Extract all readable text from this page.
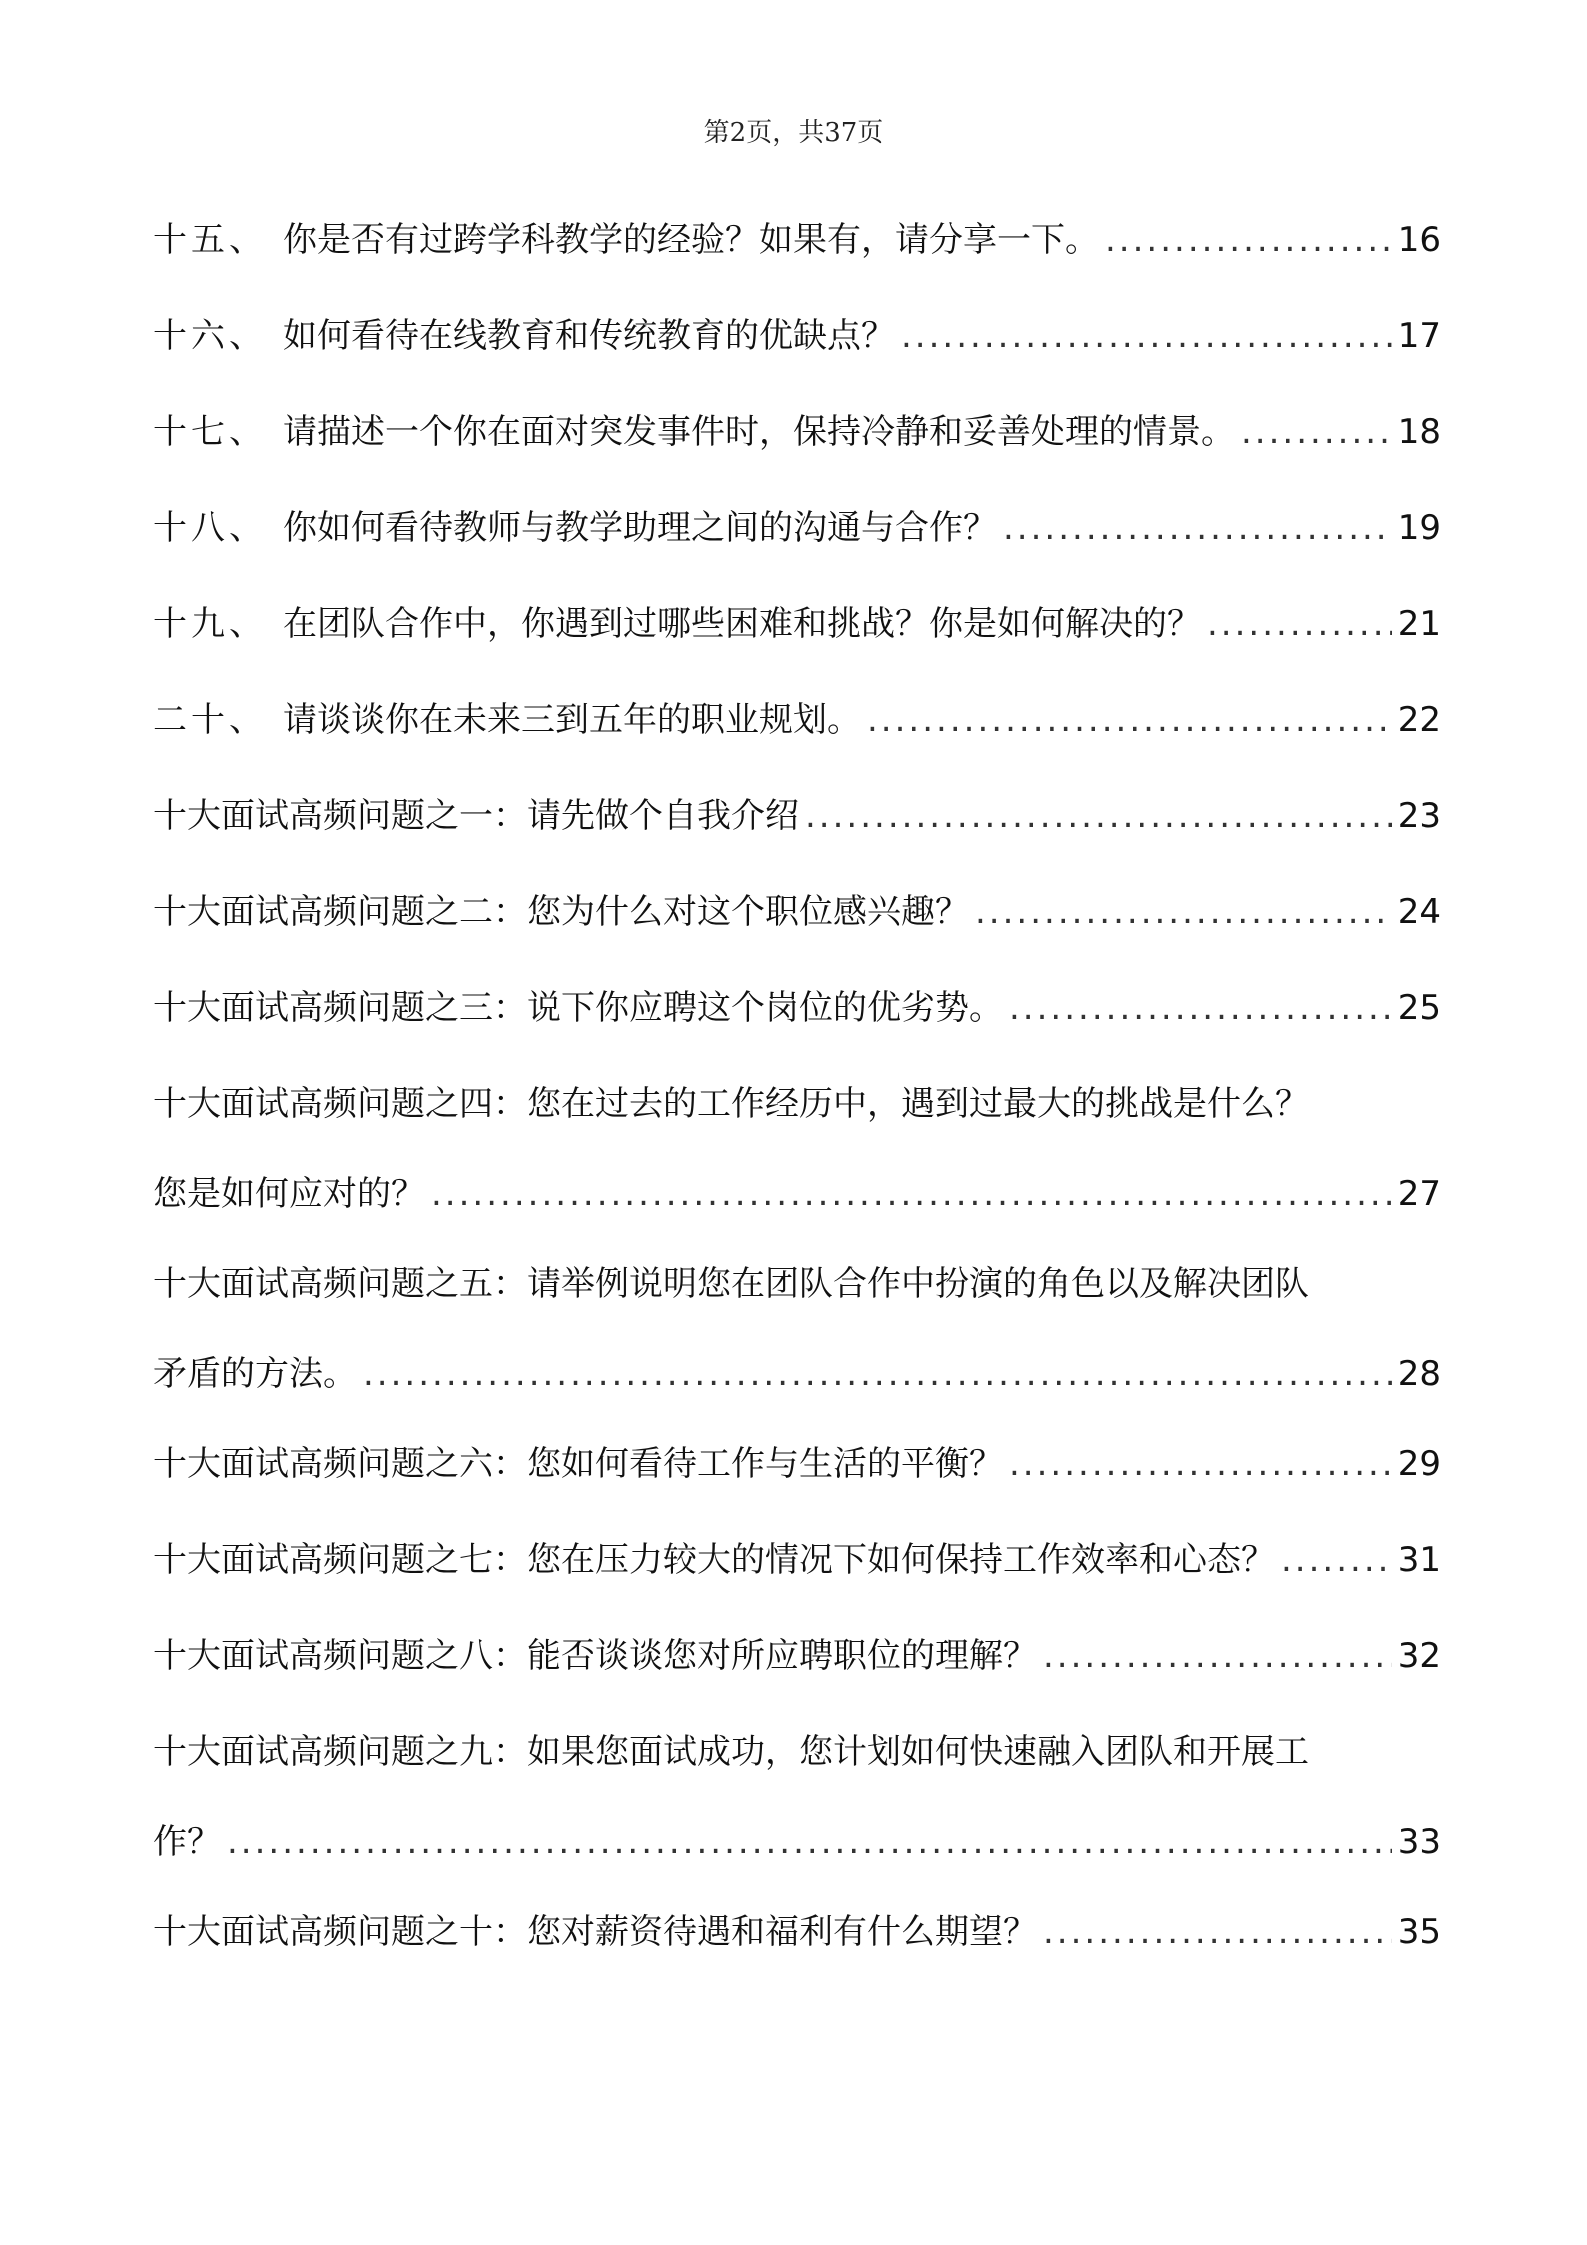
第2页，共37页
十五、 你是否有过跨学科教学的经验？如果有，请分享一下。 .....	16
十六、 如何看待在线教育和传统教育的优缺点？ .....	17
十七、 请描述一个你在面对突发事件时，保持冷静和妥善处理的情景。 .....	18
十八、 你如何看待教师与教学助理之间的沟通与合作？ .....	19
十九、 在团队合作中，你遇到过哪些困难和挑战？你是如何解决的？ .....	21
二十、 请谈谈你在未来三到五年的职业规划。 .....	22
十大面试高频问题之一：请先做个自我介绍 .....	23
十大面试高频问题之二：您为什么对这个职位感兴趣？ .....	24
十大面试高频问题之三：说下你应聘这个岗位的优劣势。 .....	25
十大面试高频问题之四：您在过去的工作经历中，遇到过最大的挑战是什么？
您是如何应对的？ .....	27
十大面试高频问题之五：请举例说明您在团队合作中扮演的角色以及解决团队
矛盾的方法。 .....	28
十大面试高频问题之六：您如何看待工作与生活的平衡？ .....	29
十大面试高频问题之七：您在压力较大的情况下如何保持工作效率和心态？ .....	31
十大面试高频问题之八：能否谈谈您对所应聘职位的理解？ .....	32
十大面试高频问题之九：如果您面试成功，您计划如何快速融入团队和开展工
作？ .....	33
十大面试高频问题之十：您对薪资待遇和福利有什么期望？ .....	35
